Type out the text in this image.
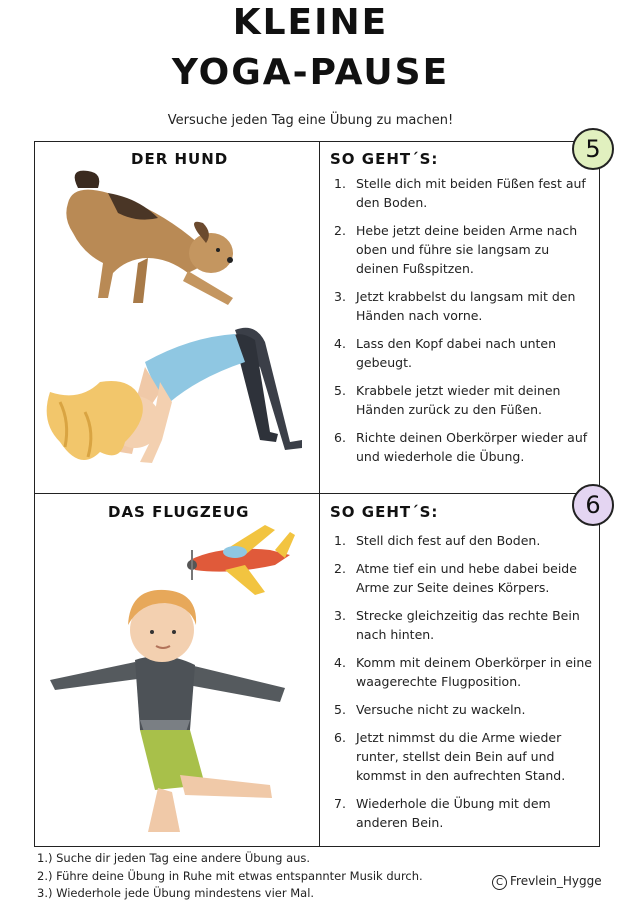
KLEINE
YOGA-PAUSE
Versuche jeden Tag eine Übung zu machen!
DER HUND	SO GEHT´S:	5
1. Stelle dich mit beiden Füßen fest auf den Boden.
2. Hebe jetzt deine beiden Arme nach oben und führe sie langsam zu deinen Fußspitzen.
3. Jetzt krabbelst du langsam mit den Händen nach vorne.
4. Lass den Kopf dabei nach unten gebeugt.
5. Krabbele jetzt wieder mit deinen Händen zurück zu den Füßen.
6. Richte deinen Oberkörper wieder auf und wiederhole die Übung.
DAS FLUGZEUG	SO GEHT´S:	6
1. Stell dich fest auf den Boden.
2. Atme tief ein und hebe dabei beide Arme zur Seite deines Körpers.
3. Strecke gleichzeitig das rechte Bein nach hinten.
4. Komm mit deinem Oberkörper in eine waagerechte Flugposition.
5. Versuche nicht zu wackeln.
6. Jetzt nimmst du die Arme wieder runter, stellst dein Bein auf und kommst in den aufrechten Stand.
7. Wiederhole die Übung mit dem anderen Bein.
1.) Suche dir jeden Tag eine andere Übung aus.
2.) Führe deine Übung in Ruhe mit etwas entspannter Musik durch.
3.) Wiederhole jede Übung mindestens vier Mal.
C Frevlein_Hygge
